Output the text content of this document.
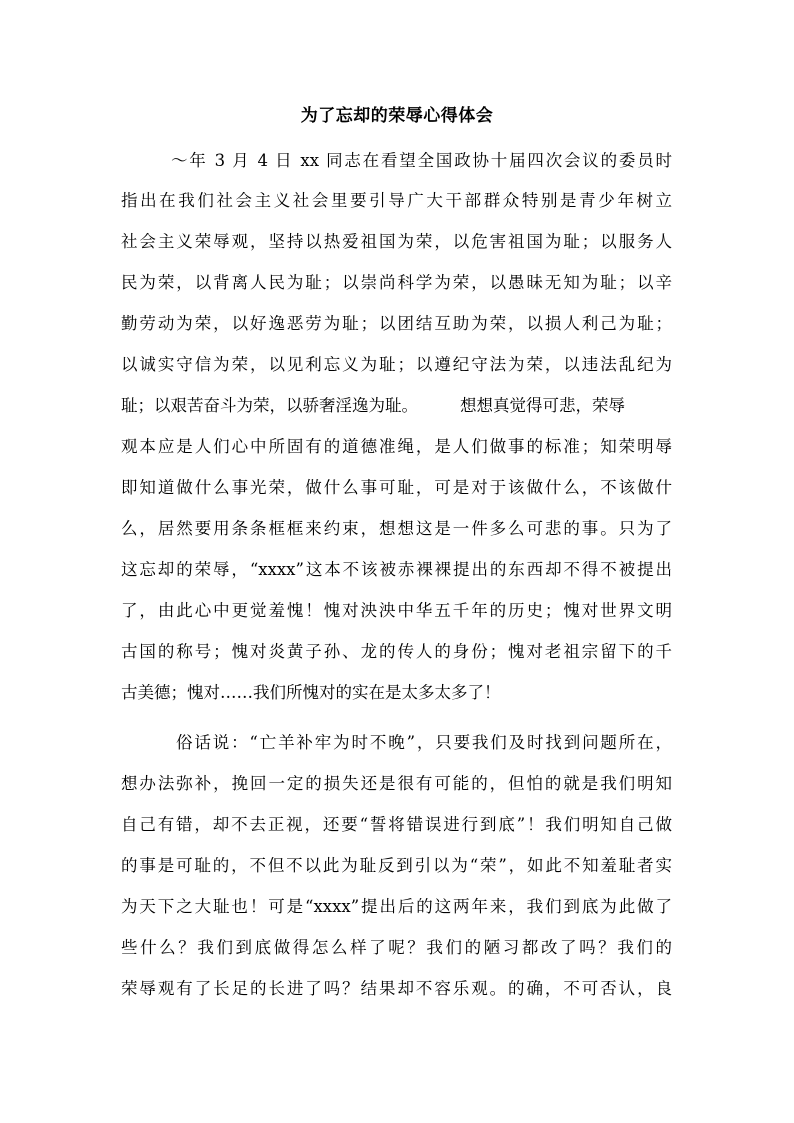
为了忘却的荣辱心得体会
～年 3 月 4 日 xx 同志在看望全国政协十届四次会议的委员时
指出在我们社会主义社会里要引导广大干部群众特别是青少年树立
社会主义荣辱观，坚持以热爱祖国为荣，以危害祖国为耻；以服务人
民为荣，以背离人民为耻；以崇尚科学为荣，以愚昧无知为耻；以辛
勤劳动为荣，以好逸恶劳为耻；以团结互助为荣，以损人利己为耻；
以诚实守信为荣，以见利忘义为耻；以遵纪守法为荣，以违法乱纪为
耻；以艰苦奋斗为荣，以骄奢淫逸为耻。        想想真觉得可悲，荣辱
观本应是人们心中所固有的道德准绳，是人们做事的标准；知荣明辱
即知道做什么事光荣，做什么事可耻，可是对于该做什么，不该做什
么，居然要用条条框框来约束，想想这是一件多么可悲的事。只为了
这忘却的荣辱，“xxxx”这本不该被赤裸裸提出的东西却不得不被提出
了，由此心中更觉羞愧！愧对泱泱中华五千年的历史；愧对世界文明
古国的称号；愧对炎黄子孙、龙的传人的身份；愧对老祖宗留下的千
古美德；愧对……我们所愧对的实在是太多太多了！
俗话说：“亡羊补牢为时不晚”，只要我们及时找到问题所在，
想办法弥补，挽回一定的损失还是很有可能的，但怕的就是我们明知
自己有错，却不去正视，还要“誓将错误进行到底”！我们明知自己做
的事是可耻的，不但不以此为耻反到引以为“荣”，如此不知羞耻者实
为天下之大耻也！可是“xxxx”提出后的这两年来，我们到底为此做了
些什么？我们到底做得怎么样了呢？我们的陋习都改了吗？我们的
荣辱观有了长足的长进了吗？结果却不容乐观。的确，不可否认，良
